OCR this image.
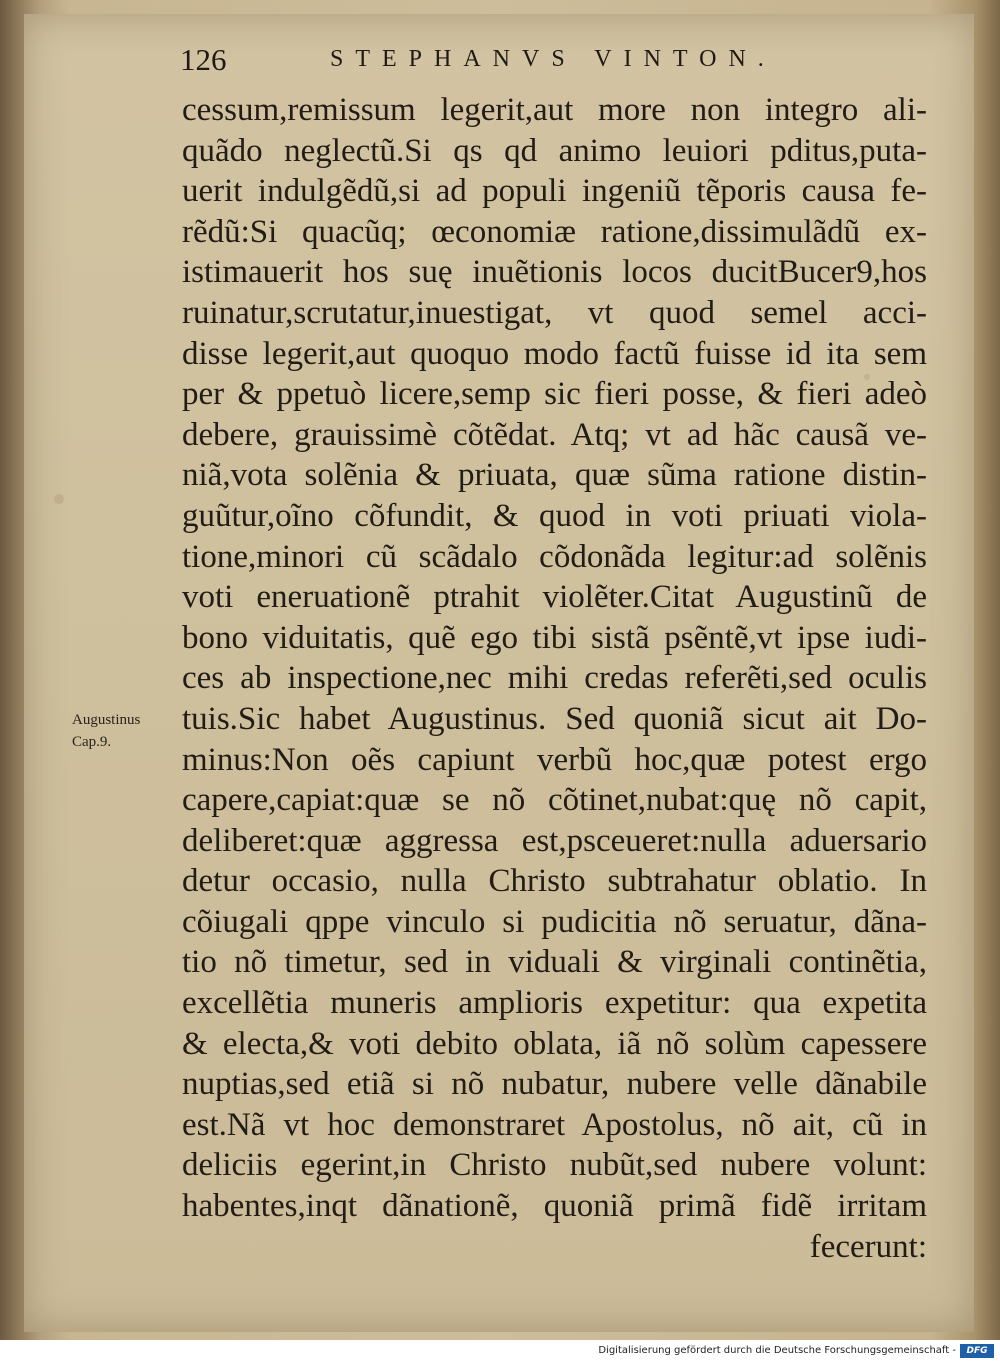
126	STEPHANVS VINTON.
Augustinus
Cap.9.
cessum,remissum legerit,aut more non integro ali-
quãdo neglectũ.Si qs qd animo leuiori pditus,puta-
uerit indulgẽdũ,si ad populi ingeniũ tẽporis causa fe-
rẽdũ:Si quacũq; œconomiæ ratione,dissimulãdũ ex-
istimauerit hos suę inuẽtionis locos ducitBucer9,hos
ruinatur,scrutatur,inuestigat, vt quod semel acci-
disse legerit,aut quoquo modo factũ fuisse id ita sem
per & ppetuò licere,semp sic fieri posse, & fieri adeò
debere, grauissimè cõtẽdat. Atq; vt ad hãc causã ve-
niã,vota solẽnia & priuata, quæ sũma ratione distin-
guũtur,oĩno cõfundit, & quod in voti priuati viola-
tione,minori cũ scãdalo cõdonãda legitur:ad solẽnis
voti eneruationẽ ptrahit violẽter.Citat Augustinũ de
bono viduitatis, quẽ ego tibi sistã psẽntẽ,vt ipse iudi-
ces ab inspectione,nec mihi credas referẽti,sed oculis
tuis.Sic habet Augustinus. Sed quoniã sicut ait Do-
minus:Non oẽs capiunt verbũ hoc,quæ potest ergo
capere,capiat:quæ se nõ cõtinet,nubat:quę nõ capit,
deliberet:quæ aggressa est,psceueret:nulla aduersario
detur occasio, nulla Christo subtrahatur oblatio. In
cõiugali qppe vinculo si pudicitia nõ seruatur, dãna-
tio nõ timetur, sed in viduali & virginali continẽtia,
excellẽtia muneris amplioris expetitur: qua expetita
& electa,& voti debito oblata, iã nõ solùm capessere
nuptias,sed etiã si nõ nubatur, nubere velle dãnabile
est.Nã vt hoc demonstraret Apostolus, nõ ait, cũ in
deliciis egerint,in Christo nubũt,sed nubere volunt:
habentes,inqt dãnationẽ, quoniã primã fidẽ irritam
fecerunt:
Digitalisierung gefördert durch die Deutsche Forschungsgemeinschaft -	DFG
